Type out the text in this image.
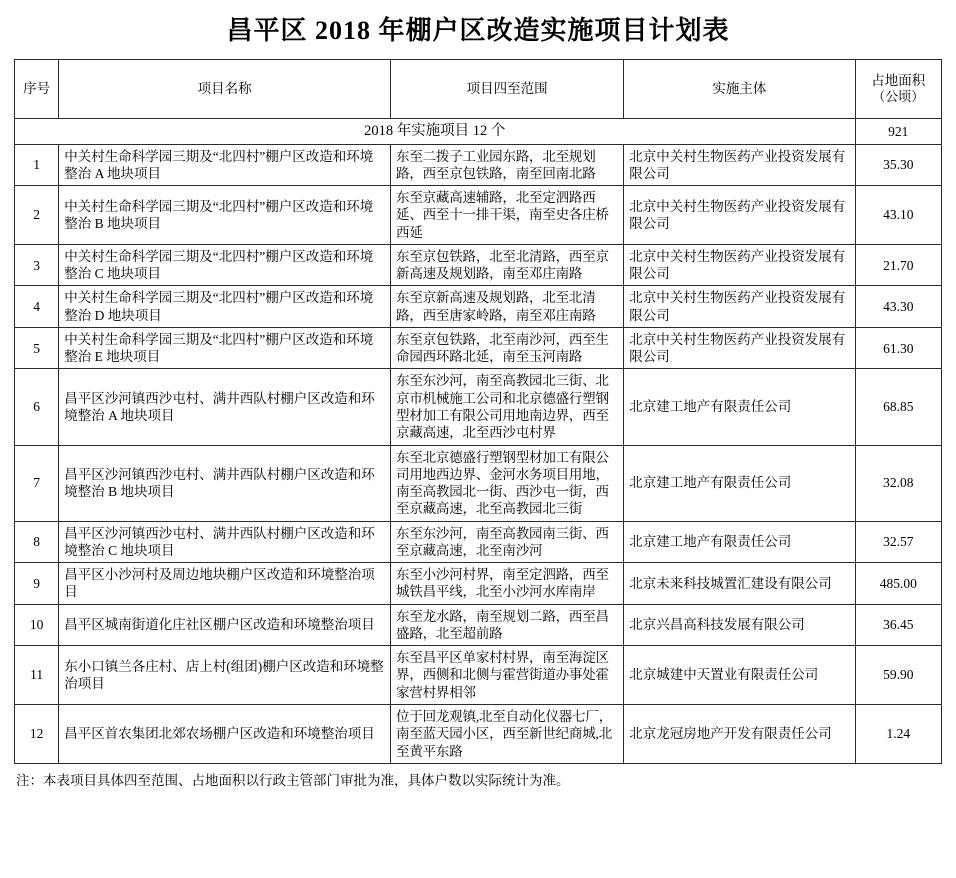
昌平区 2018 年棚户区改造实施项目计划表
序号	项目名称	项目四至范围	实施主体	占地面积
（公顷）

2018 年实施项目 12 个				921
1	中关村生命科学园三期及“北四村”棚户区改造和环境整治 A 地块项目	东至二拨子工业园东路，北至规划路，西至京包铁路，南至回南北路	北京中关村生物医药产业投资发展有限公司	35.30
2	中关村生命科学园三期及“北四村”棚户区改造和环境整治 B 地块项目	东至京藏高速辅路，北至定泗路西延、西至十一排干渠，南至史各庄桥西延	北京中关村生物医药产业投资发展有限公司	43.10
3	中关村生命科学园三期及“北四村”棚户区改造和环境整治 C 地块项目	东至京包铁路，北至北清路，西至京新高速及规划路，南至邓庄南路	北京中关村生物医药产业投资发展有限公司	21.70
4	中关村生命科学园三期及“北四村”棚户区改造和环境整治 D 地块项目	东至京新高速及规划路，北至北清路，西至唐家岭路，南至邓庄南路	北京中关村生物医药产业投资发展有限公司	43.30
5	中关村生命科学园三期及“北四村”棚户区改造和环境整治 E 地块项目	东至京包铁路，北至南沙河，西至生命园西环路北延，南至玉河南路	北京中关村生物医药产业投资发展有限公司	61.30
6	昌平区沙河镇西沙屯村、满井西队村棚户区改造和环境整治 A 地块项目	东至东沙河，南至高教园北三街、北京市机械施工公司和北京德盛行塑钢型材加工有限公司用地南边界，西至京藏高速，北至西沙屯村界	北京建工地产有限责任公司	68.85
7	昌平区沙河镇西沙屯村、满井西队村棚户区改造和环境整治 B 地块项目	东至北京德盛行塑钢型材加工有限公司用地西边界、金河水务项目用地，南至高教园北一街、西沙屯一街，西至京藏高速，北至高教园北三街	北京建工地产有限责任公司	32.08
8	昌平区沙河镇西沙屯村、满井西队村棚户区改造和环境整治 C 地块项目	东至东沙河，南至高教园南三街、西至京藏高速，北至南沙河	北京建工地产有限责任公司	32.57
9	昌平区小沙河村及周边地块棚户区改造和环境整治项目	东至小沙河村界，南至定泗路，西至城铁昌平线，北至小沙河水库南岸	北京未来科技城置汇建设有限公司	485.00
10	昌平区城南街道化庄社区棚户区改造和环境整治项目	东至龙水路，南至规划二路，西至昌盛路，北至超前路	北京兴昌高科技发展有限公司	36.45
11	东小口镇兰各庄村、店上村(组团)棚户区改造和环境整治项目	东至昌平区单家村村界，南至海淀区界，西侧和北侧与霍营街道办事处霍家营村界相邻	北京城建中天置业有限责任公司	59.90
12	昌平区首农集团北郊农场棚户区改造和环境整治项目	位于回龙观镇,北至自动化仪器七厂，南至蓝天园小区，西至新世纪商城,北至黄平东路	北京龙冠房地产开发有限责任公司	1.24
注：本表项目具体四至范围、占地面积以行政主管部门审批为准，具体户数以实际统计为准。
